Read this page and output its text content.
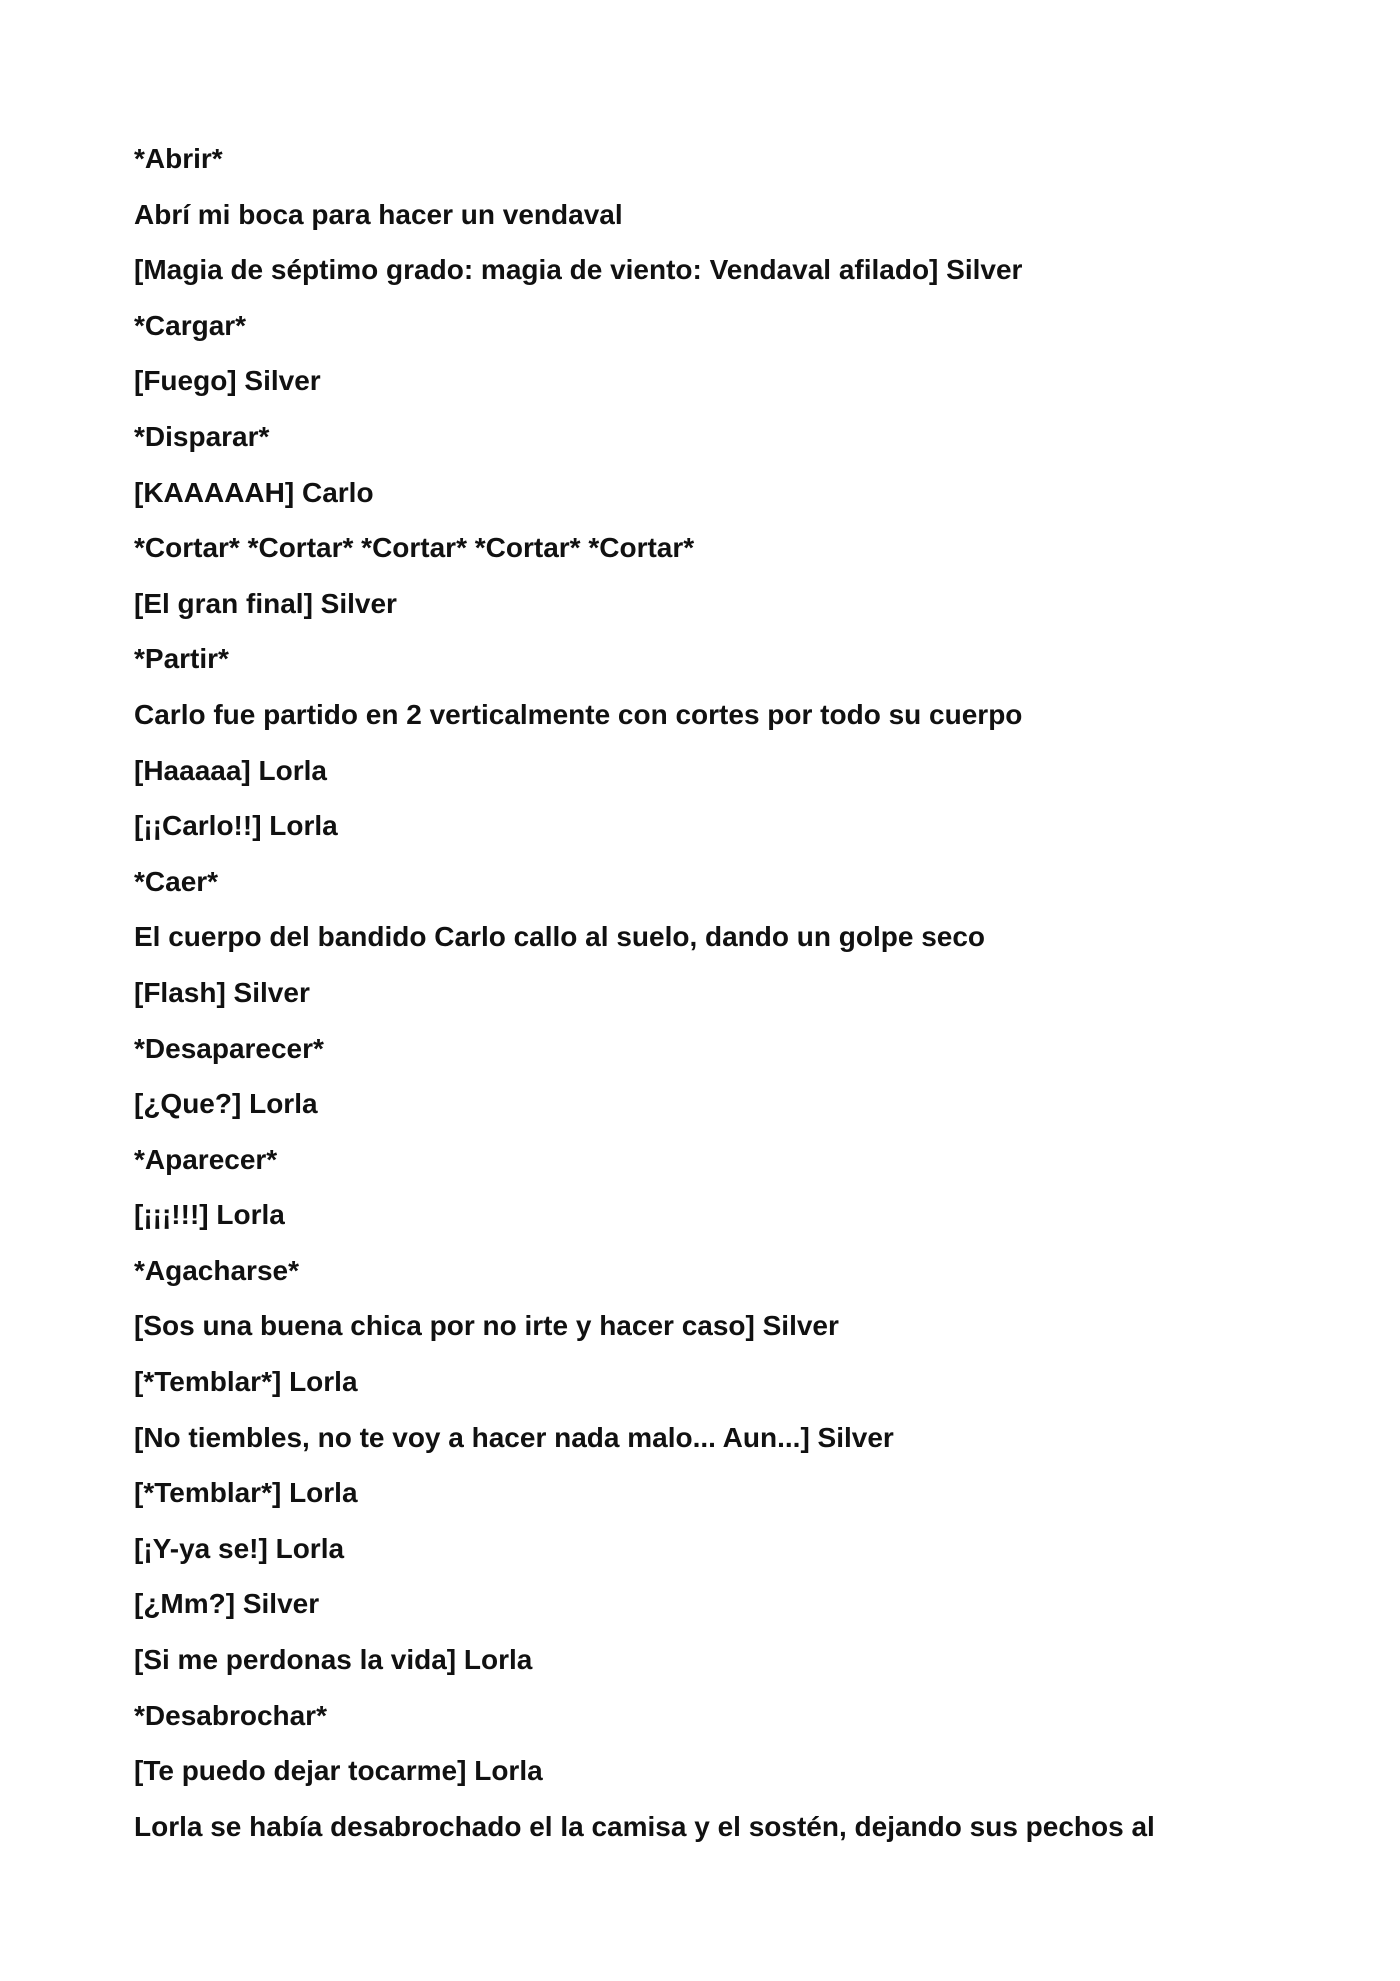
*Abrir*
Abrí mi boca para hacer un vendaval
[Magia de séptimo grado: magia de viento: Vendaval afilado] Silver
*Cargar*
[Fuego] Silver
*Disparar*
[KAAAAAH] Carlo
*Cortar* *Cortar* *Cortar* *Cortar* *Cortar*
[El gran final] Silver
*Partir*
Carlo fue partido en 2 verticalmente con cortes por todo su cuerpo
[Haaaaa] Lorla
[¡¡Carlo!!] Lorla
*Caer*
El cuerpo del bandido Carlo callo al suelo, dando un golpe seco
[Flash] Silver
*Desaparecer*
[¿Que?] Lorla
*Aparecer*
[¡¡¡!!!] Lorla
*Agacharse*
[Sos una buena chica por no irte y hacer caso] Silver
[*Temblar*] Lorla
[No tiembles, no te voy a hacer nada malo... Aun...] Silver
[*Temblar*] Lorla
[¡Y-ya se!] Lorla
[¿Mm?] Silver
[Si me perdonas la vida] Lorla
*Desabrochar*
[Te puedo dejar tocarme] Lorla
Lorla se había desabrochado el la camisa y el sostén, dejando sus pechos al
